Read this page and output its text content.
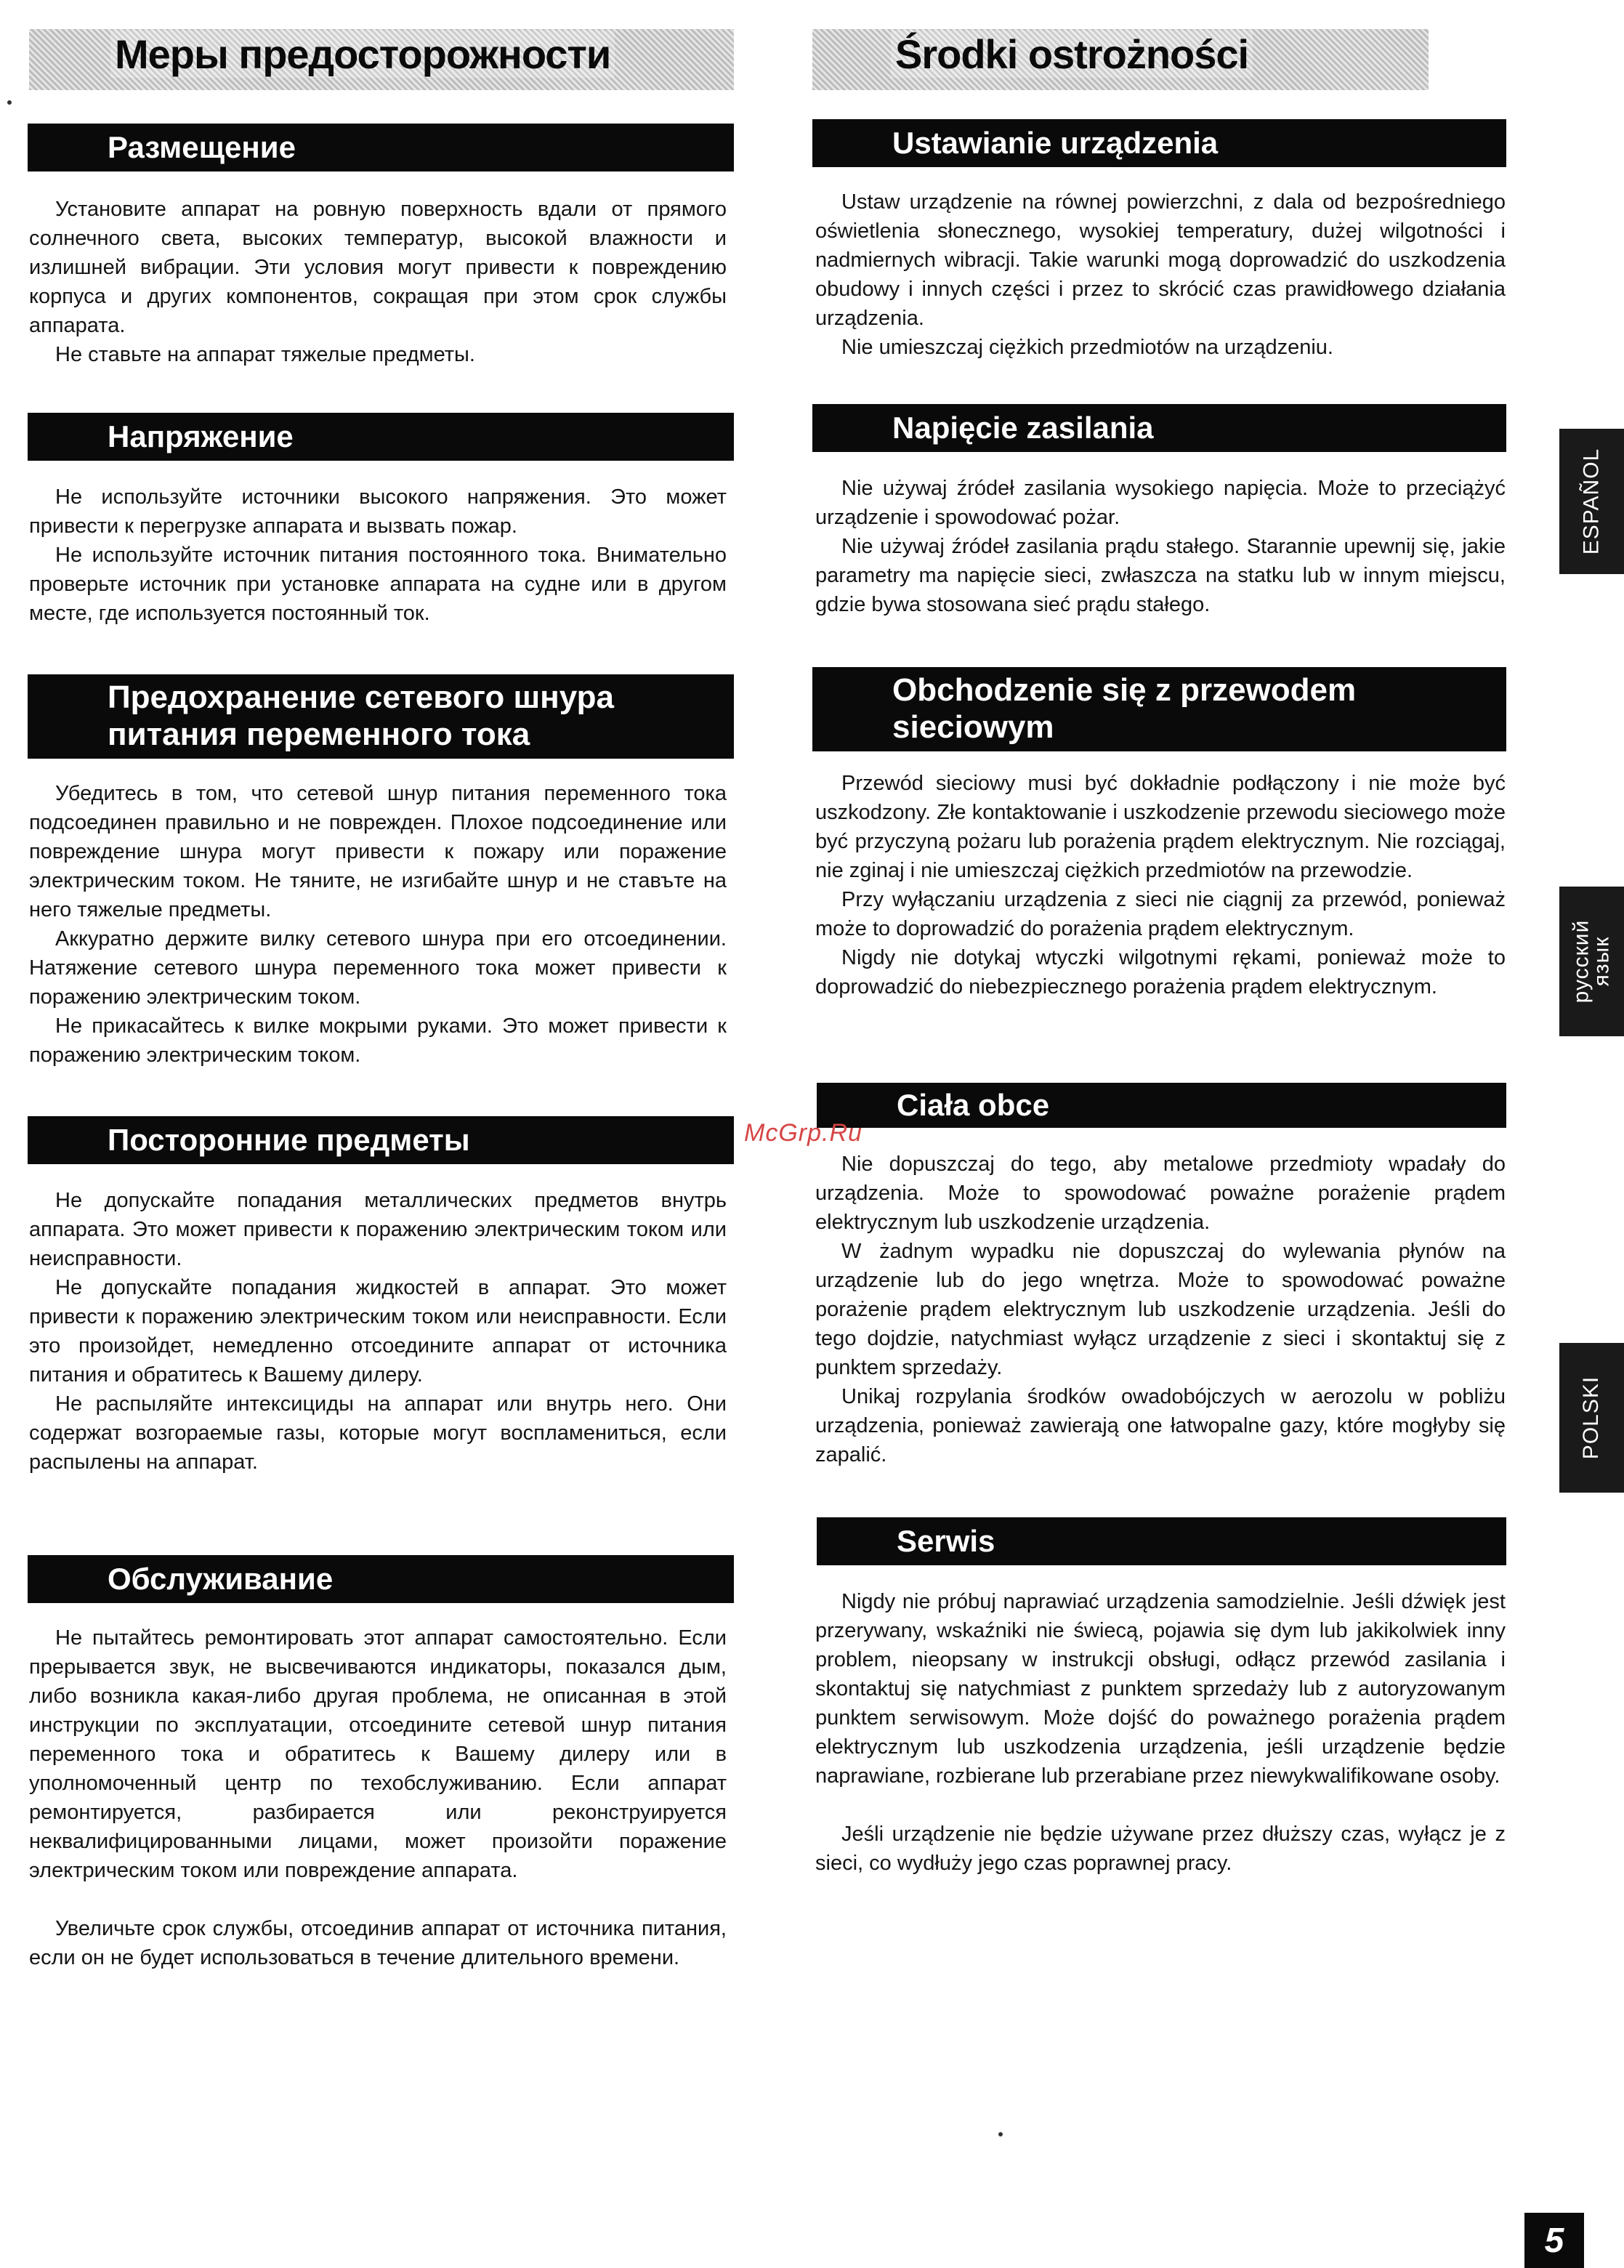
Меры предосторожности
Размещение

Установите аппарат на ровную поверхность вдали от прямого солнечного света, высоких температур, высокой влажности и излишней вибрации. Эти условия могут привести к повреждению корпуса и других компонентов, сокращая при этом срок службы аппарата.

Не ставьте на аппарат тяжелые предметы.

Напряжение

Не используйте источники высокого напряжения. Это может привести к перегрузке аппарата и вызвать пожар.

Не используйте источник питания постоянного тока. Внимательно проверьте источник при установке аппарата на судне или в другом месте, где используется постоянный ток.

Предохранение сетевого шнура питания переменного тока

Убедитесь в том, что сетевой шнур питания переменного тока подсоединен правильно и не поврежден. Плохое подсоединение или повреждение шнура могут привести к пожару или поражение электрическим током. Не тяните, не изгибайте шнур и не ставъте на него тяжелые предметы.

Аккуратно держите вилку сетевого шнура при его отсоединении. Натяжение сетевого шнура переменного тока может привести к поражению электрическим током.

Не прикасайтесь к вилке мокрыми руками. Это может привести к поражению электрическим током.

Посторонние предметы

Не допускайте попадания металлических предметов внутрь аппарата. Это может привести к поражению электрическим током или неисправности.

Не допускайте попадания жидкостей в аппарат. Это может привести к поражению электрическим током или неисправности. Если это произойдет, немедленно отсоедините аппарат от источника питания и обратитесь к Вашему дилеру.

Не распыляйте интексициды на аппарат или внутрь него. Они содержат возгораемые газы, которые могут воспламениться, если распылены на аппарат.

Обслуживание

Не пытайтесь ремонтировать этот аппарат самостоятельно. Если прерывается звук, не высвечиваются индикаторы, показался дым, либо возникла какая-либо другая проблема, не описанная в этой инструкции по эксплуатации, отсоедините сетевой шнур питания переменного тока и обратитесь к Вашему дилеру или в уполномоченный центр по техобслуживанию. Если аппарат ремонтируется, разбирается или реконструируется неквалифицированными лицами, может произойти поражение электрическим током или повреждение аппарата.

Увеличьте срок службы, отсоединив аппарат от источника питания, если он не будет использоваться в течение длительного времени.

Środki ostrożności
Ustawianie urządzenia

Ustaw urządzenie na równej powierzchni, z dala od bezpośredniego oświetlenia słonecznego, wysokiej temperatury, dużej wilgotności i nadmiernych wibracji. Takie warunki mogą doprowadzić do uszkodzenia obudowy i innych części i przez to skrócić czas prawidłowego działania urządzenia.

Nie umieszczaj ciężkich przedmiotów na urządzeniu.

Napięcie zasilania

Nie używaj źródeł zasilania wysokiego napięcia. Może to przeciążyć urządzenie i spowodować pożar.

Nie używaj źródeł zasilania prądu stałego. Starannie upewnij się, jakie parametry ma napięcie sieci, zwłaszcza na statku lub w innym miejscu, gdzie bywa stosowana sieć prądu stałego.

Obchodzenie się z przewodem sieciowym

Przewód sieciowy musi być dokładnie podłączony i nie może być uszkodzony. Złe kontaktowanie i uszkodzenie przewodu sieciowego może być przyczyną pożaru lub porażenia prądem elektrycznym. Nie rozciągaj, nie zginaj i nie umieszczaj ciężkich przedmiotów na przewodzie.

Przy wyłączaniu urządzenia z sieci nie ciągnij za przewód, ponieważ może to doprowadzić do porażenia prądem elektrycznym.

Nigdy nie dotykaj wtyczki wilgotnymi rękami, ponieważ może to doprowadzić do niebezpiecznego porażenia prądem elektrycznym.

Ciała obce

Nie dopuszczaj do tego, aby metalowe przedmioty wpadały do urządzenia. Może to spowodować poważne porażenie prądem elektrycznym lub uszkodzenie urządzenia.

W żadnym wypadku nie dopuszczaj do wylewania płynów na urządzenie lub do jego wnętrza. Może to spowodować poważne porażenie prądem elektrycznym lub uszkodzenie urządzenia. Jeśli do tego dojdzie, natychmiast wyłącz urządzenie z sieci i skontaktuj się z punktem sprzedaży.

Unikaj rozpylania środków owadobójczych w aerozolu w pobliżu urządzenia, ponieważ zawierają one łatwopalne gazy, które mogłyby się zapalić.

Serwis

Nigdy nie próbuj naprawiać urządzenia samodzielnie. Jeśli dźwięk jest przerywany, wskaźniki nie świecą, pojawia się dym lub jakikolwiek inny problem, nieopsany w instrukcji obsługi, odłącz przewód zasilania i skontaktuj się natychmiast z punktem sprzedaży lub z autoryzowanym punktem serwisowym. Może dojść do poważnego porażenia prądem elektrycznym lub uszkodzenia urządzenia, jeśli urządzenie będzie naprawiane, rozbierane lub przerabiane przez niewykwalifikowane osoby.

Jeśli urządzenie nie będzie używane przez dłuższy czas, wyłącz je z sieci, co wydłuży jego czas poprawnej pracy.

ESPAÑOL
русский язык
POLSKI
McGrp.Ru
5
